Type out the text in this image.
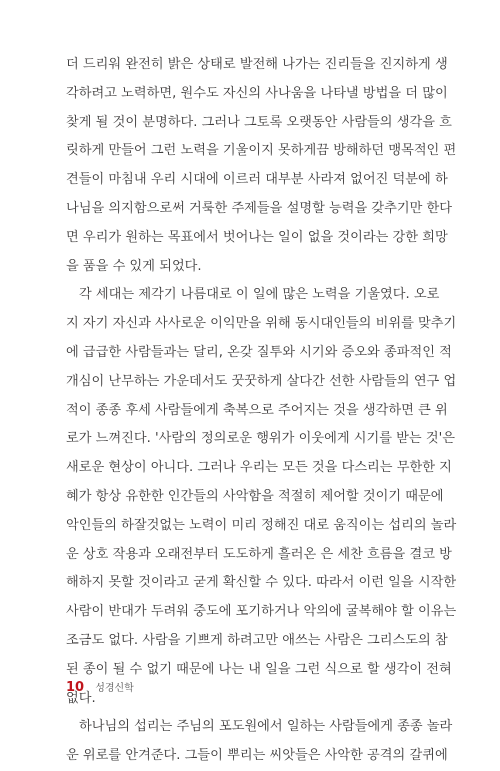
더 드리워 완전히 밝은 상태로 발전해 나가는 진리들을 진지하게 생
각하려고 노력하면, 원수도 자신의 사나움을 나타낼 방법을 더 많이
찾게 될 것이 분명하다. 그러나 그토록 오랫동안 사람들의 생각을 흐
릿하게 만들어 그런 노력을 기울이지 못하게끔 방해하던 맹목적인 편
견들이 마침내 우리 시대에 이르러 대부분 사라져 없어진 덕분에 하
나님을 의지함으로써 거룩한 주제들을 설명할 능력을 갖추기만 한다
면 우리가 원하는 목표에서 벗어나는 일이 없을 것이라는 강한 희망
을 품을 수 있게 되었다.
각 세대는 제각기 나름대로 이 일에 많은 노력을 기울였다. 오로
지 자기 자신과 사사로운 이익만을 위해 동시대인들의 비위를 맞추기
에 급급한 사람들과는 달리, 온갖 질투와 시기와 증오와 종파적인 적
개심이 난무하는 가운데서도 꿋꿋하게 살다간 선한 사람들의 연구 업
적이 종종 후세 사람들에게 축복으로 주어지는 것을 생각하면 큰 위
로가 느껴진다. '사람의 정의로운 행위가 이웃에게 시기를 받는 것'은
새로운 현상이 아니다. 그러나 우리는 모든 것을 다스리는 무한한 지
혜가 항상 유한한 인간들의 사악함을 적절히 제어할 것이기 때문에
악인들의 하잘것없는 노력이 미리 정해진 대로 움직이는 섭리의 놀라
운 상호 작용과 오래전부터 도도하게 흘러온 은 세찬 흐름을 결코 방
해하지 못할 것이라고 굳게 확신할 수 있다. 따라서 이런 일을 시작한
사람이 반대가 두려워 중도에 포기하거나 악의에 굴복해야 할 이유는
조금도 없다. 사람을 기쁘게 하려고만 애쓰는 사람은 그리스도의 참
된 종이 될 수 없기 때문에 나는 내 일을 그런 식으로 할 생각이 전혀
없다.
하나님의 섭리는 주님의 포도원에서 일하는 사람들에게 종종 놀라
운 위로를 안겨준다. 그들이 뿌리는 씨앗들은 사악한 공격의 갈퀴에
10 성경신학
